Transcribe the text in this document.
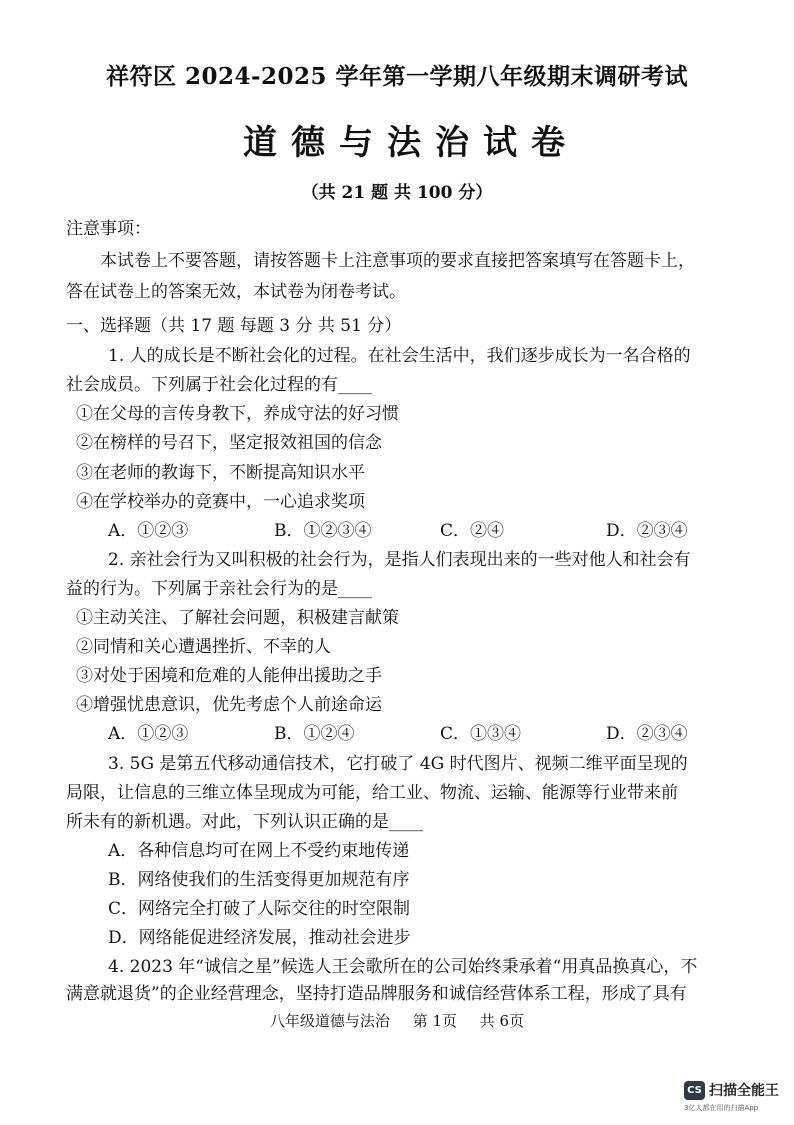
祥符区 2024-2025 学年第一学期八年级期末调研考试
道德与法治试卷
（共 21 题 共 100 分）
注意事项：
本试卷上不要答题，请按答题卡上注意事项的要求直接把答案填写在答题卡上，
答在试卷上的答案无效，本试卷为闭卷考试。
一、选择题（共 17 题 每题 3 分 共 51 分）
1. 人的成长是不断社会化的过程。在社会生活中，我们逐步成长为一名合格的
社会成员。下列属于社会化过程的有____
①在父母的言传身教下，养成守法的好习惯
②在榜样的号召下，坚定报效祖国的信念
③在老师的教诲下，不断提高知识水平
④在学校举办的竞赛中，一心追求奖项
A．①②③	B．①②③④	C．②④	D．②③④
2. 亲社会行为又叫积极的社会行为，是指人们表现出来的一些对他人和社会有
益的行为。下列属于亲社会行为的是____
①主动关注、了解社会问题，积极建言献策
②同情和关心遭遇挫折、不幸的人
③对处于困境和危难的人能伸出援助之手
④增强忧患意识，优先考虑个人前途命运
A．①②③	B．①②④	C．①③④	D．②③④
3. 5G 是第五代移动通信技术，它打破了 4G 时代图片、视频二维平面呈现的
局限，让信息的三维立体呈现成为可能，给工业、物流、运输、能源等行业带来前
所未有的新机遇。对此，下列认识正确的是____
A．各种信息均可在网上不受约束地传递
B．网络使我们的生活变得更加规范有序
C．网络完全打破了人际交往的时空限制
D．网络能促进经济发展，推动社会进步
4. 2023 年“诚信之星”候选人王会歌所在的公司始终秉承着“用真品换真心，不
满意就退货”的企业经营理念，坚持打造品牌服务和诚信经营体系工程，形成了具有
八年级道德与法治 第 1页 共 6页
CS 扫描全能王
3亿人都在用的扫描App
